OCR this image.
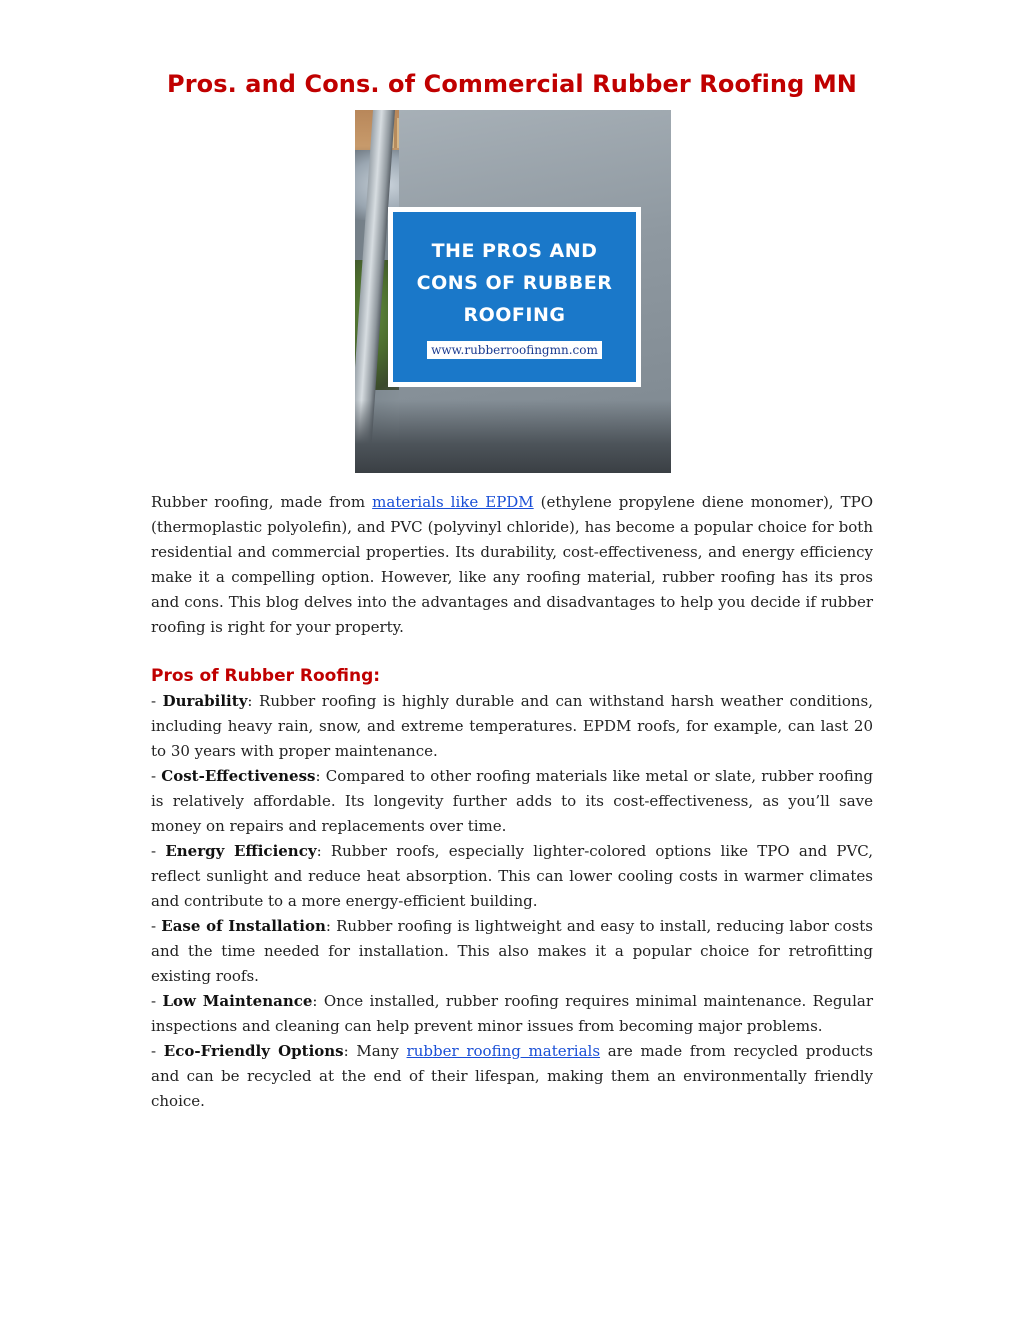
Pros. and Cons. of Commercial Rubber Roofing MN
THE PROS AND
CONS OF RUBBER
ROOFING
www.rubberroofingmn.com

Rubber roofing, made from materials like EPDM (ethylene propylene diene monomer), TPO (thermoplastic polyolefin), and PVC (polyvinyl chloride), has become a popular choice for both residential and commercial properties. Its durability, cost-effectiveness, and energy efficiency make it a compelling option. However, like any roofing material, rubber roofing has its pros and cons. This blog delves into the advantages and disadvantages to help you decide if rubber roofing is right for your property.

Pros of Rubber Roofing:

- Durability: Rubber roofing is highly durable and can withstand harsh weather conditions, including heavy rain, snow, and extreme temperatures. EPDM roofs, for example, can last 20 to 30 years with proper maintenance.

- Cost-Effectiveness: Compared to other roofing materials like metal or slate, rubber roofing is relatively affordable. Its longevity further adds to its cost-effectiveness, as you’ll save money on repairs and replacements over time.

- Energy Efficiency: Rubber roofs, especially lighter-colored options like TPO and PVC, reflect sunlight and reduce heat absorption. This can lower cooling costs in warmer climates and contribute to a more energy-efficient building.

- Ease of Installation: Rubber roofing is lightweight and easy to install, reducing labor costs and the time needed for installation. This also makes it a popular choice for retrofitting existing roofs.

- Low Maintenance: Once installed, rubber roofing requires minimal maintenance. Regular inspections and cleaning can help prevent minor issues from becoming major problems.

- Eco-Friendly Options: Many rubber roofing materials are made from recycled products and can be recycled at the end of their lifespan, making them an environmentally friendly choice.
